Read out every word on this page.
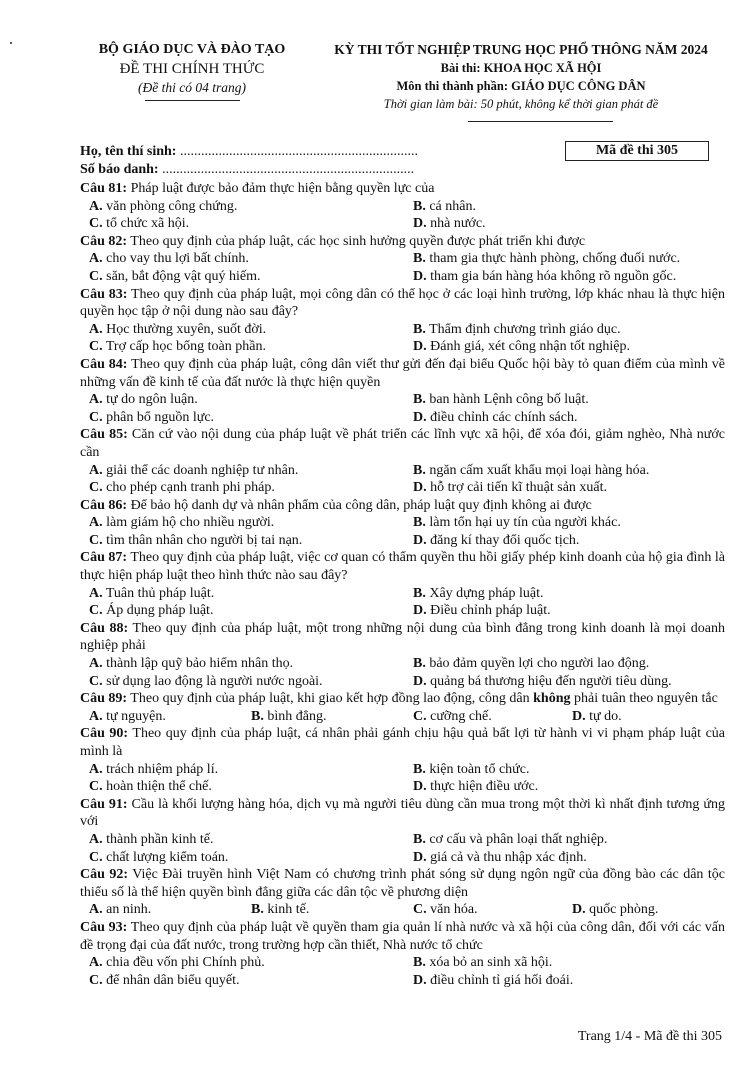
BỘ GIÁO DỤC VÀ ĐÀO TẠO
ĐỀ THI CHÍNH THỨC
(Đề thi có 04 trang)
KỲ THI TỐT NGHIỆP TRUNG HỌC PHỔ THÔNG NĂM 2024
Bài thi: KHOA HỌC XÃ HỘI
Môn thi thành phần: GIÁO DỤC CÔNG DÂN
Thời gian làm bài: 50 phút, không kể thời gian phát đề
Họ, tên thí sinh: ....................................................................
Số báo danh: ........................................................................
Mã đề thi 305
Câu 81: Pháp luật được bảo đảm thực hiện bằng quyền lực của
A. văn phòng công chứng.	B. cá nhân.
C. tổ chức xã hội.	D. nhà nước.
Câu 82: Theo quy định của pháp luật, các học sinh hưởng quyền được phát triển khi được
A. cho vay thu lợi bất chính.	B. tham gia thực hành phòng, chống đuối nước.
C. săn, bắt động vật quý hiếm.	D. tham gia bán hàng hóa không rõ nguồn gốc.
Câu 83: Theo quy định của pháp luật, mọi công dân có thể học ở các loại hình trường, lớp khác nhau là thực hiện quyền học tập ở nội dung nào sau đây?
A. Học thường xuyên, suốt đời.	B. Thẩm định chương trình giáo dục.
C. Trợ cấp học bổng toàn phần.	D. Đánh giá, xét công nhận tốt nghiệp.
Câu 84: Theo quy định của pháp luật, công dân viết thư gửi đến đại biểu Quốc hội bày tỏ quan điểm của mình về những vấn đề kinh tế của đất nước là thực hiện quyền
A. tự do ngôn luận.	B. ban hành Lệnh công bố luật.
C. phân bổ nguồn lực.	D. điều chỉnh các chính sách.
Câu 85: Căn cứ vào nội dung của pháp luật về phát triển các lĩnh vực xã hội, để xóa đói, giảm nghèo, Nhà nước cần
A. giải thể các doanh nghiệp tư nhân.	B. ngăn cấm xuất khẩu mọi loại hàng hóa.
C. cho phép cạnh tranh phi pháp.	D. hỗ trợ cải tiến kĩ thuật sản xuất.
Câu 86: Để bảo hộ danh dự và nhân phẩm của công dân, pháp luật quy định không ai được
A. làm giám hộ cho nhiều người.	B. làm tổn hại uy tín của người khác.
C. tìm thân nhân cho người bị tai nạn.	D. đăng kí thay đổi quốc tịch.
Câu 87: Theo quy định của pháp luật, việc cơ quan có thẩm quyền thu hồi giấy phép kinh doanh của hộ gia đình là thực hiện pháp luật theo hình thức nào sau đây?
A. Tuân thủ pháp luật.	B. Xây dựng pháp luật.
C. Áp dụng pháp luật.	D. Điều chỉnh pháp luật.
Câu 88: Theo quy định của pháp luật, một trong những nội dung của bình đẳng trong kinh doanh là mọi doanh nghiệp phải
A. thành lập quỹ bảo hiểm nhân thọ.	B. bảo đảm quyền lợi cho người lao động.
C. sử dụng lao động là người nước ngoài.	D. quảng bá thương hiệu đến người tiêu dùng.
Câu 89: Theo quy định của pháp luật, khi giao kết hợp đồng lao động, công dân không phải tuân theo nguyên tắc
A. tự nguyện.	B. bình đẳng.	C. cưỡng chế.	D. tự do.
Câu 90: Theo quy định của pháp luật, cá nhân phải gánh chịu hậu quả bất lợi từ hành vi vi phạm pháp luật của mình là
A. trách nhiệm pháp lí.	B. kiện toàn tổ chức.
C. hoàn thiện thể chế.	D. thực hiện điều ước.
Câu 91: Cầu là khối lượng hàng hóa, dịch vụ mà người tiêu dùng cần mua trong một thời kì nhất định tương ứng với
A. thành phần kinh tế.	B. cơ cấu và phân loại thất nghiệp.
C. chất lượng kiểm toán.	D. giá cả và thu nhập xác định.
Câu 92: Việc Đài truyền hình Việt Nam có chương trình phát sóng sử dụng ngôn ngữ của đồng bào các dân tộc thiểu số là thể hiện quyền bình đẳng giữa các dân tộc về phương diện
A. an ninh.	B. kinh tế.	C. văn hóa.	D. quốc phòng.
Câu 93: Theo quy định của pháp luật về quyền tham gia quản lí nhà nước và xã hội của công dân, đối với các vấn đề trọng đại của đất nước, trong trường hợp cần thiết, Nhà nước tổ chức
A. chia đều vốn phi Chính phủ.	B. xóa bỏ an sinh xã hội.
C. để nhân dân biểu quyết.	D. điều chỉnh tỉ giá hối đoái.
Trang 1/4 - Mã đề thi 305
